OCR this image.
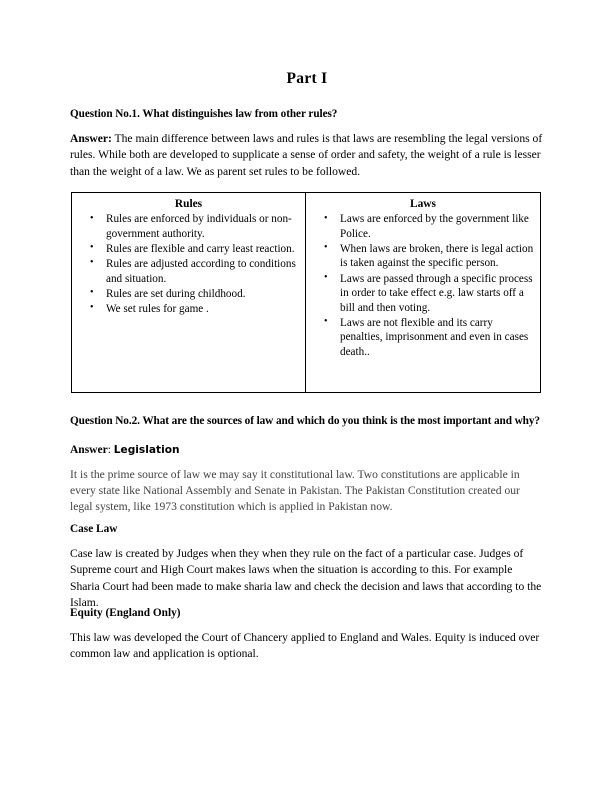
Part I
Question No.1. What distinguishes law from other rules?

Answer: The main difference between laws and rules is that laws are resembling the legal versions of rules. While both are developed to supplicate a sense of order and safety, the weight of a rule is lesser than the weight of a law. We as parent set rules to be followed.

Rules
• Rules are enforced by individuals or non-government authority.
• Rules are flexible and carry least reaction.
• Rules are adjusted according to conditions and situation.
• Rules are set during childhood.
• We set rules for game .
Laws
• Laws are enforced by the government like Police.
• When laws are broken, there is legal action is taken against the specific person.
• Laws are passed through a specific process in order to take effect e.g. law starts off a bill and then voting.
• Laws are not flexible and its carry penalties, imprisonment and even in cases death..
Question No.2. What are the sources of law and which do you think is the most important and why?

Answer: Legislation

It is the prime source of law we may say it constitutional law. Two constitutions are applicable in every state like National Assembly and Senate in Pakistan. The Pakistan Constitution created our legal system, like 1973 constitution which is applied in Pakistan now.

Case Law

Case law is created by Judges when they when they rule on the fact of a particular case. Judges of Supreme court and High Court makes laws when the situation is according to this. For example Sharia Court had been made to make sharia law and check the decision and laws that according to the Islam.

Equity (England Only)

This law was developed the Court of Chancery applied to England and Wales. Equity is induced over common law and application is optional.
